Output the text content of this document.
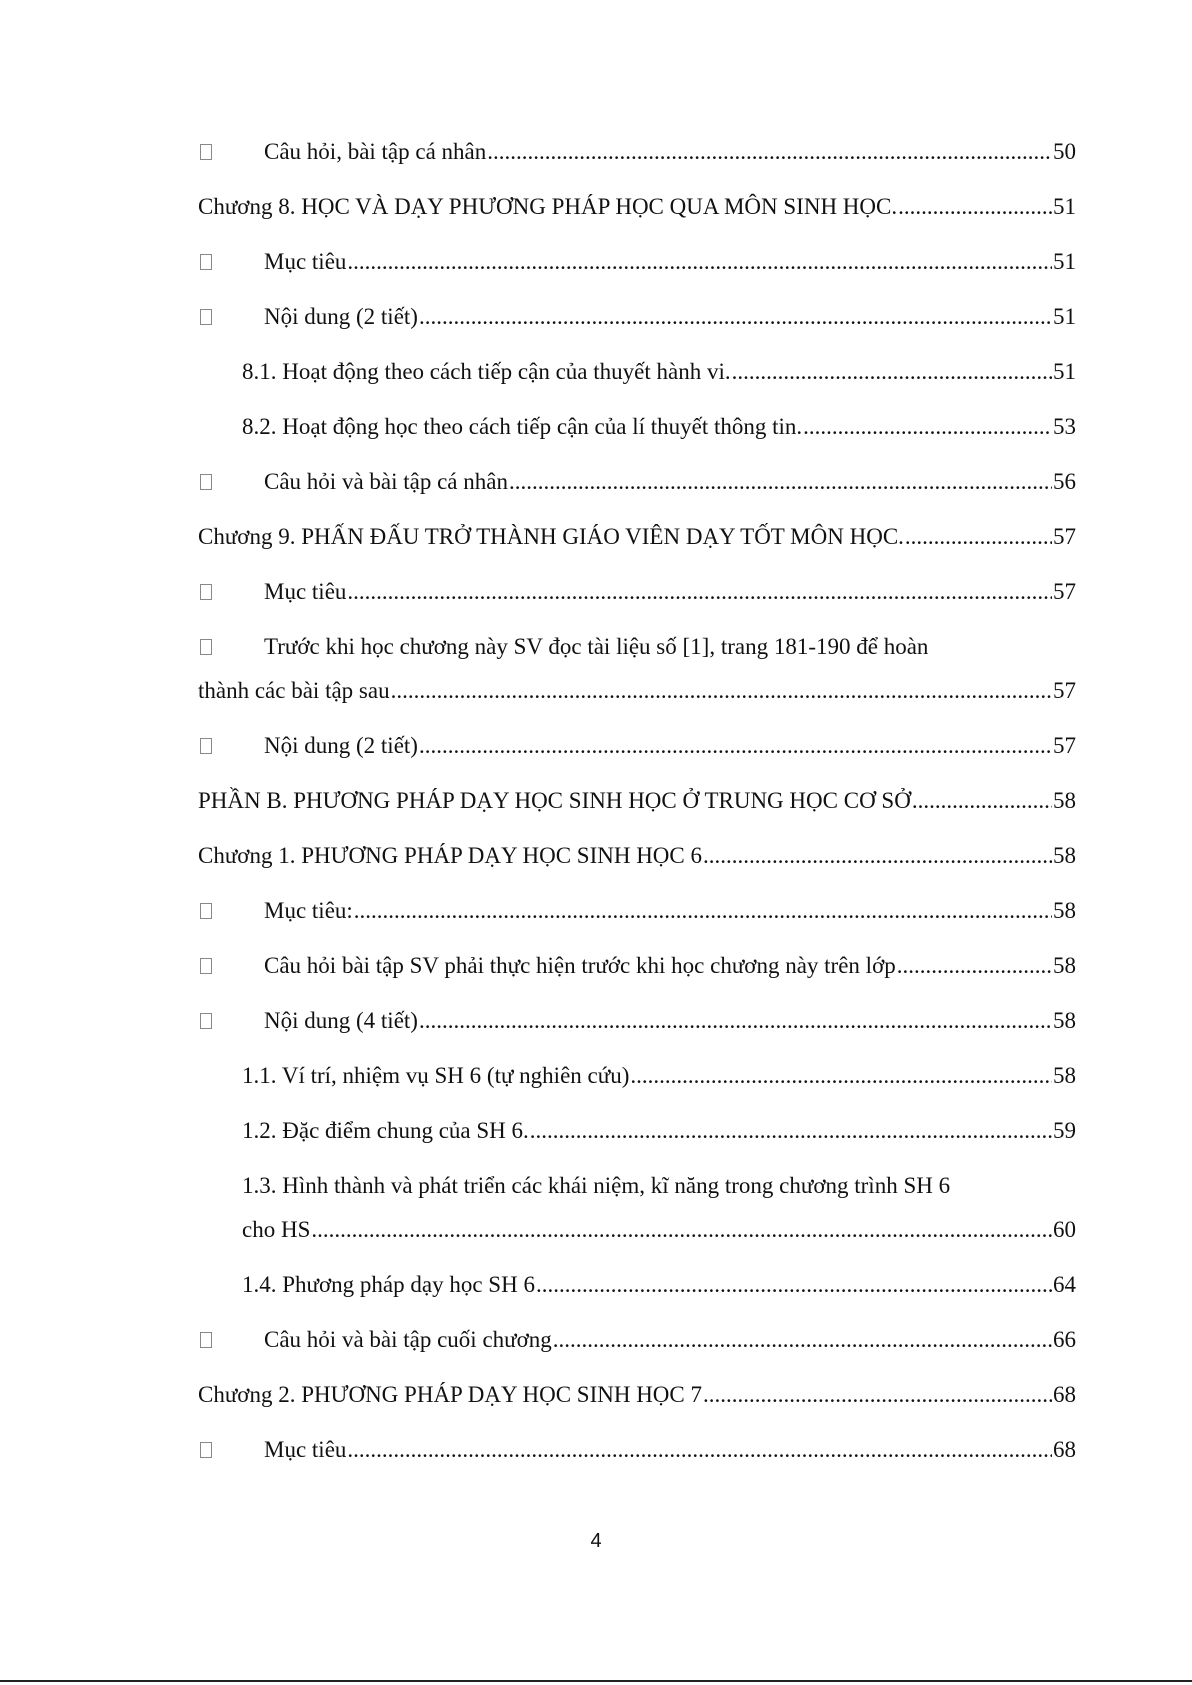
Câu hỏi, bài tập cá nhân .....	50
Chương 8. HỌC VÀ DẠY PHƯƠNG PHÁP HỌC QUA MÔN SINH HỌC. .....	51
Mục tiêu .....	51
Nội dung (2 tiết) .....	51
8.1. Hoạt động theo cách tiếp cận của thuyết hành vi. .....	51
8.2. Hoạt động học theo cách tiếp cận của lí thuyết thông tin. .....	53
Câu hỏi và bài tập cá nhân .....	56
Chương 9. PHẤN ĐẤU TRỞ THÀNH GIÁO VIÊN DẠY TỐT MÔN HỌC. .....	57
Mục tiêu .....	57
Trước khi học chương này SV đọc tài liệu số [1], trang 181-190 để hoàn
thành các bài tập sau .....	57
Nội dung (2 tiết) .....	57
PHẦN B. PHƯƠNG PHÁP DẠY HỌC SINH HỌC Ở TRUNG HỌC CƠ SỞ .....	58
Chương 1. PHƯƠNG PHÁP DẠY HỌC SINH HỌC 6 .....	58
Mục tiêu: .....	58
Câu hỏi bài tập SV phải thực hiện trước khi học chương này trên lớp .....	58
Nội dung (4 tiết) .....	58
1.1. Ví trí, nhiệm vụ SH 6 (tự nghiên cứu) .....	58
1.2. Đặc điểm chung của SH 6. .....	59
1.3. Hình thành và phát triển các khái niệm, kĩ năng trong chương trình SH 6
cho HS .....	60
1.4. Phương pháp dạy học SH 6 .....	64
Câu hỏi và bài tập cuối chương .....	66
Chương 2. PHƯƠNG PHÁP DẠY HỌC SINH HỌC 7 .....	68
Mục tiêu .....	68
4
